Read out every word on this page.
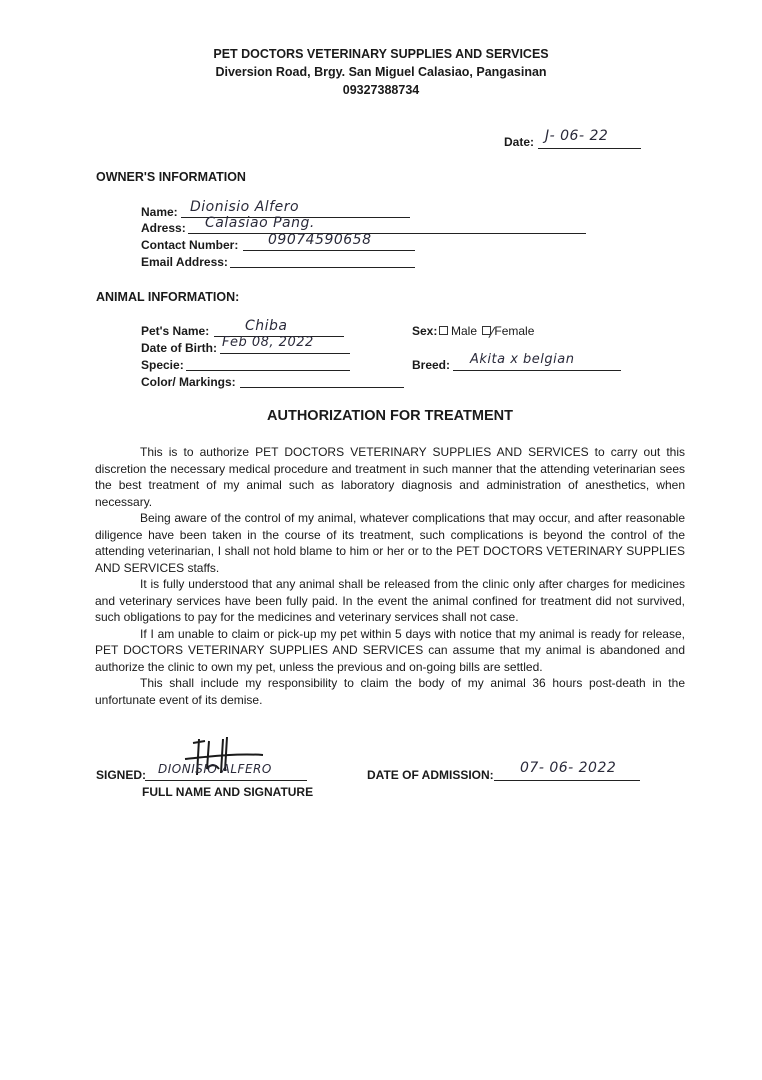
PET DOCTORS VETERINARY SUPPLIES AND SERVICES
Diversion Road, Brgy. San Miguel Calasiao, Pangasinan
09327388734
Date: J- 06- 22
OWNER'S INFORMATION
Name: Dionisio Alfero
Adress: Calasiao Pang.
Contact Number: 09074590658
Email Address:
ANIMAL INFORMATION:
Pet's Name:	Chiba
Date of Birth: Feb 08, 2022
Specie:
Color/ Markings:
Sex:	Male Female
Breed: Akita x belgian
AUTHORIZATION FOR TREATMENT

This is to authorize PET DOCTORS VETERINARY SUPPLIES AND SERVICES to carry out this discretion the necessary medical procedure and treatment in such manner that the attending veterinarian sees the best treatment of my animal such as laboratory diagnosis and administration of anesthetics, when necessary.

Being aware of the control of my animal, whatever complications that may occur, and after reasonable diligence have been taken in the course of its treatment, such complications is beyond the control of the attending veterinarian, I shall not hold blame to him or her or to the PET DOCTORS VETERINARY SUPPLIES AND SERVICES staffs.

It is fully understood that any animal shall be released from the clinic only after charges for medicines and veterinary services have been fully paid. In the event the animal confined for treatment did not survived, such obligations to pay for the medicines and veterinary services shall not case.

If I am unable to claim or pick-up my pet within 5 days with notice that my animal is ready for release, PET DOCTORS VETERINARY SUPPLIES AND SERVICES can assume that my animal is abandoned and authorize the clinic to own my pet, unless the previous and on-going bills are settled.

This shall include my responsibility to claim the body of my animal 36 hours post-death in the unfortunate event of its demise.

SIGNED: DIONISIO ALFERO
FULL NAME AND SIGNATURE
DATE OF ADMISSION: 07- 06- 2022
